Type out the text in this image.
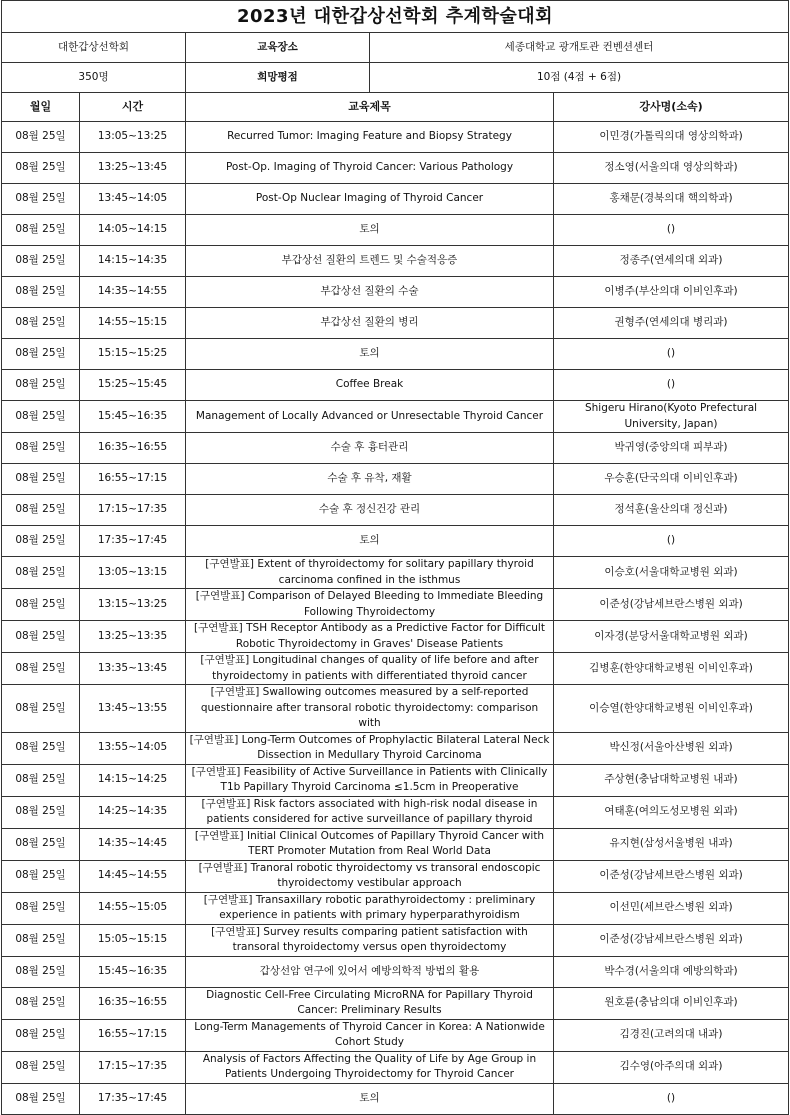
2023년 대한갑상선학회 추계학술대회				
대한갑상선학회		교육장소	세종대학교 광개토관 컨벤션센터	
350명		희망평점	10점 (4점 + 6점)	
월일	시간	교육제목		강사명(소속)
08월 25일	13:05~13:25	Recurred Tumor: Imaging Feature and Biopsy Strategy		이민경(가톨릭의대 영상의학과)
08월 25일	13:25~13:45	Post-Op. Imaging of Thyroid Cancer: Various Pathology		정소영(서울의대 영상의학과)
08월 25일	13:45~14:05	Post-Op Nuclear Imaging of Thyroid Cancer		홍채문(경북의대 핵의학과)
08월 25일	14:05~14:15	토의		()
08월 25일	14:15~14:35	부갑상선 질환의 트렌드 및 수술적응증		정종주(연세의대 외과)
08월 25일	14:35~14:55	부갑상선 질환의 수술		이병주(부산의대 이비인후과)
08월 25일	14:55~15:15	부갑상선 질환의 병리		권형주(연세의대 병리과)
08월 25일	15:15~15:25	토의		()
08월 25일	15:25~15:45	Coffee Break		()
08월 25일	15:45~16:35	Management of Locally Advanced or Unresectable Thyroid Cancer		Shigeru Hirano(Kyoto Prefectural University, Japan)
08월 25일	16:35~16:55	수술 후 흉터관리		박귀영(중앙의대 피부과)
08월 25일	16:55~17:15	수술 후 유착, 재활		우승훈(단국의대 이비인후과)
08월 25일	17:15~17:35	수술 후 정신건강 관리		정석훈(울산의대 정신과)
08월 25일	17:35~17:45	토의		()
08월 25일	13:05~13:15	[구연발표] Extent of thyroidectomy for solitary papillary thyroid carcinoma confined in the isthmus		이승호(서울대학교병원 외과)
08월 25일	13:15~13:25	[구연발표] Comparison of Delayed Bleeding to Immediate Bleeding Following Thyroidectomy		이준성(강남세브란스병원 외과)
08월 25일	13:25~13:35	[구연발표] TSH Receptor Antibody as a Predictive Factor for Difficult Robotic Thyroidectomy in Graves' Disease Patients		이자경(분당서울대학교병원 외과)
08월 25일	13:35~13:45	[구연발표] Longitudinal changes of quality of life before and after thyroidectomy in patients with differentiated thyroid cancer		김병훈(한양대학교병원 이비인후과)
08월 25일	13:45~13:55	[구연발표] Swallowing outcomes measured by a self-reported questionnaire after transoral robotic thyroidectomy: comparison with		이승열(한양대학교병원 이비인후과)
08월 25일	13:55~14:05	[구연발표] Long-Term Outcomes of Prophylactic Bilateral Lateral Neck Dissection in Medullary Thyroid Carcinoma		박신정(서울아산병원 외과)
08월 25일	14:15~14:25	[구연발표] Feasibility of Active Surveillance in Patients with Clinically T1b Papillary Thyroid Carcinoma ≤1.5cm in Preoperative		주상현(충남대학교병원 내과)
08월 25일	14:25~14:35	[구연발표] Risk factors associated with high-risk nodal disease in patients considered for active surveillance of papillary thyroid		여태훈(여의도성모병원 외과)
08월 25일	14:35~14:45	[구연발표] Initial Clinical Outcomes of Papillary Thyroid Cancer with TERT Promoter Mutation from Real World Data		유지현(삼성서울병원 내과)
08월 25일	14:45~14:55	[구연발표] Tranoral robotic thyroidectomy vs transoral endoscopic thyroidectomy vestibular approach		이준성(강남세브란스병원 외과)
08월 25일	14:55~15:05	[구연발표] Transaxillary robotic parathyroidectomy : preliminary experience in patients with primary hyperparathyroidism		이선민(세브란스병원 외과)
08월 25일	15:05~15:15	[구연발표] Survey results comparing patient satisfaction with transoral thyroidectomy versus open thyroidectomy		이준성(강남세브란스병원 외과)
08월 25일	15:45~16:35	갑상선암 연구에 있어서 예방의학적 방법의 활용		박수경(서울의대 예방의학과)
08월 25일	16:35~16:55	Diagnostic Cell-Free Circulating MicroRNA for Papillary Thyroid Cancer: Preliminary Results		원호륜(충남의대 이비인후과)
08월 25일	16:55~17:15	Long-Term Managements of Thyroid Cancer in Korea: A Nationwide Cohort Study		김경진(고려의대 내과)
08월 25일	17:15~17:35	Analysis of Factors Affecting the Quality of Life by Age Group in Patients Undergoing Thyroidectomy for Thyroid Cancer		김수영(아주의대 외과)
08월 25일	17:35~17:45	토의		()
